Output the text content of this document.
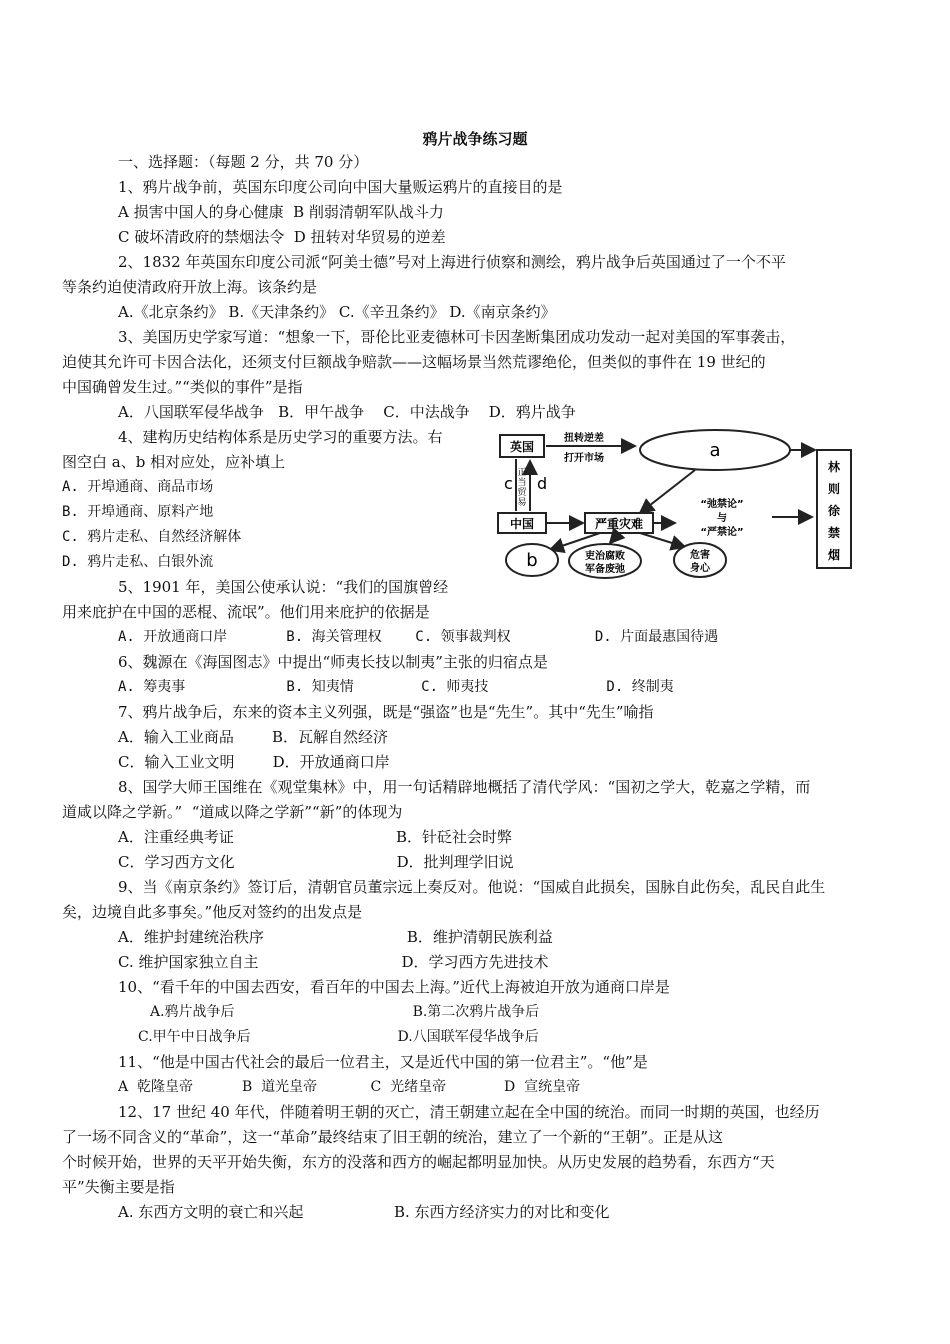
鸦片战争练习题
一、选择题：（每题 2 分，共 70 分）
1、鸦片战争前，英国东印度公司向中国大量贩运鸦片的直接目的是
A 损害中国人的身心健康  B 削弱清朝军队战斗力
C 破坏清政府的禁烟法令  D 扭转对华贸易的逆差
2、1832 年英国东印度公司派“阿美士德”号对上海进行侦察和测绘，鸦片战争后英国通过了一个不平
等条约迫使清政府开放上海。该条约是
A.《北京条约》 B.《天津条约》 C.《辛丑条约》 D.《南京条约》
3、美国历史学家写道：“想象一下，哥伦比亚麦德林可卡因垄断集团成功发动一起对美国的军事袭击，
迫使其允许可卡因合法化，还须支付巨额战争赔款——这幅场景当然荒谬绝伦，但类似的事件在 19 世纪的
中国确曾发生过。”“类似的事件”是指
A．八国联军侵华战争   B．甲午战争    C．中法战争    D．鸦片战争
4、建构历史结构体系是历史学习的重要方法。右
图空白 a、b 相对应处，应补填上
A. 开埠通商、商品市场
B. 开埠通商、原料产地
C. 鸦片走私、自然经济解体
D. 鸦片走私、白银外流
5、1901 年，美国公使承认说：“我们的国旗曾经
用来庇护在中国的恶棍、流氓”。他们用来庇护的依据是
A. 开放通商口岸       B. 海关管理权    C. 领事裁判权          D. 片面最惠国待遇
6、魏源在《海国图志》中提出“师夷长技以制夷”主张的归宿点是
A. 筹夷事            B. 知夷情        C. 师夷技              D. 终制夷
7、鸦片战争后，东来的资本主义列强，既是“强盗”也是“先生”。其中“先生”喻指
A．输入工业商品        B．瓦解自然经济
C．输入工业文明        D．开放通商口岸
8、国学大师王国维在《观堂集林》中，用一句话精辟地概括了清代学风：“国初之学大，乾嘉之学精，而
道咸以降之学新。”  “道咸以降之学新”“新”的体现为
A．注重经典考证                                  B．针砭社会时弊
C．学习西方文化                                  D．批判理学旧说
9、当《南京条约》签订后，清朝官员董宗远上奏反对。他说：“国威自此损矣，国脉自此伤矣，乱民自此生
矣，边境自此多事矣。”他反对签约的出发点是
A．维护封建统治秩序                              B．维护清朝民族利益
C. 维护国家独立自主                              D．学习西方先进技术
10、“看千年的中国去西安，看百年的中国去上海。”近代上海被迫开放为通商口岸是
A.鸦片战争后                                        B.第二次鸦片战争后
C.甲午中日战争后                                 D.八国联军侵华战争后
11、“他是中国古代社会的最后一位君主，又是近代中国的第一位君主”。“他”是
A  乾隆皇帝           B  道光皇帝            C  光绪皇帝             D  宣统皇帝
12、17 世纪 40 年代，伴随着明王朝的灭亡，清王朝建立起在全中国的统治。而同一时期的英国，也经历
了一场不同含义的“革命”，这一“革命”最终结束了旧王朝的统治，建立了一个新的“王朝”。正是从这
个时候开始，世界的天平开始失衡，东方的没落和西方的崛起都明显加快。从历史发展的趋势看，东西方“天
平”失衡主要是指
A. 东西方文明的衰亡和兴起                   B. 东西方经济实力的对比和变化
英国
中国
c d
正
当
贸
易
扭转逆差
打开市场	a
严重灾难
“弛禁论”
与
“严禁论”
林
则
徐
禁
烟
b	吏治腐败
军备废弛
危害
身心
